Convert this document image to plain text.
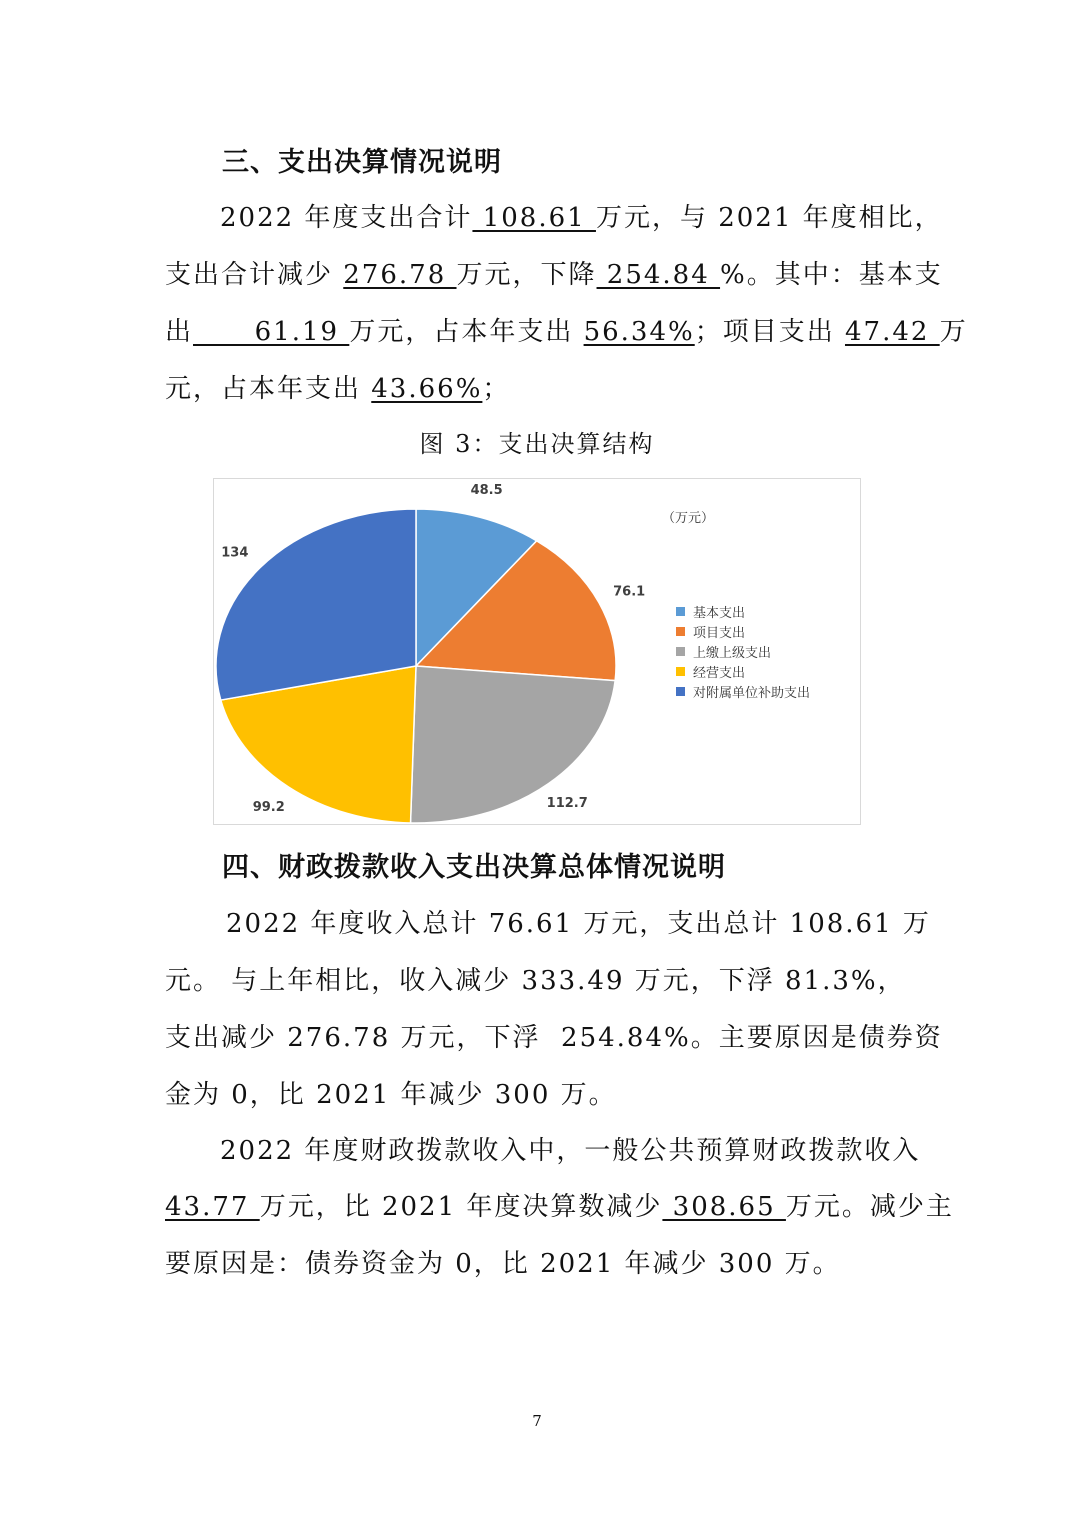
三、支出决算情况说明

2022 年度支出合计 108.61 万元，与 2021 年度相比，

支出合计减少 276.78 万元，下降 254.84 %。其中：基本支

出      61.19 万元，占本年支出 56.34%；项目支出 47.42 万

元，占本年支出 43.66%；

图 3：支出决算结构
48.5
76.1
112.7
99.2
134
（万元）
基本支出
项目支出
上缴上级支出
经营支出
对附属单位补助支出
四、财政拨款收入支出决算总体情况说明

2022 年度收入总计 76.61 万元，支出总计 108.61 万

元。 与上年相比，收入减少 333.49 万元，下浮 81.3%，

支出减少 276.78 万元，下浮  254.84%。主要原因是债券资

金为 0，比 2021 年减少 300 万。

2022 年度财政拨款收入中，一般公共预算财政拨款收入

43.77 万元，比 2021 年度决算数减少 308.65 万元。减少主

要原因是：债券资金为 0，比 2021 年减少 300 万。

7
